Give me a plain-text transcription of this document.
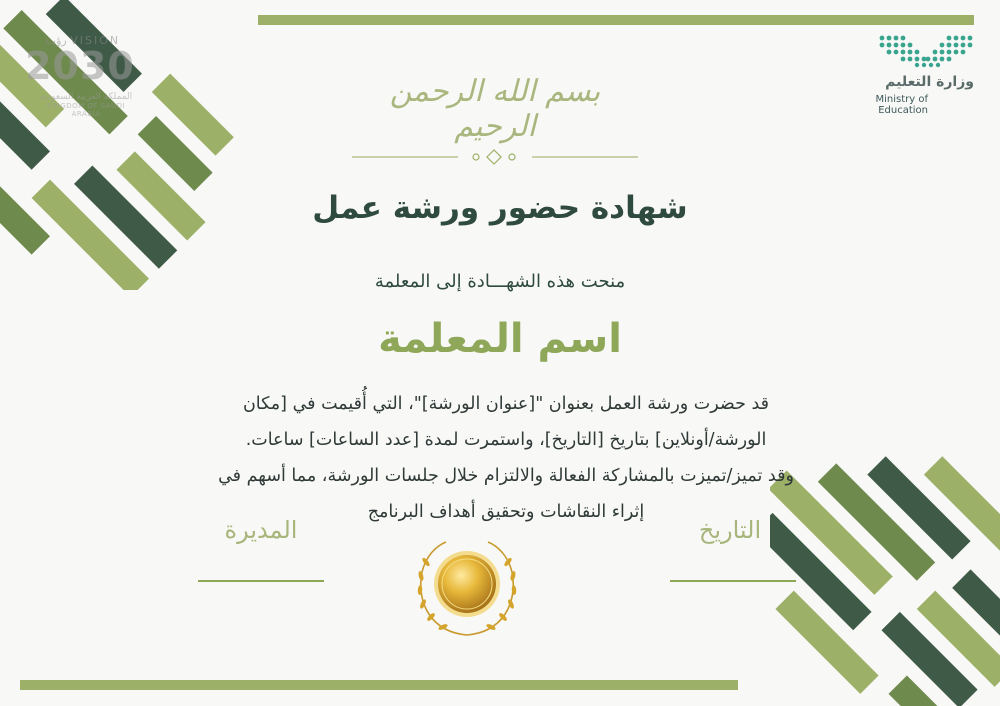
رؤيـة VISION
2030
المملكة العربية السعودية
KINGDOM OF SAUDI ARABIA
وزارة التعليم
Ministry of Education
بسم الله الرحمن الرحيم
شهادة حضور ورشة عمل
منحت هذه الشهـــادة إلى المعلمة
اسم المعلمة
قد حضرت ورشة العمل بعنوان "[عنوان الورشة]"، التي أُقيمت في [مكان
الورشة/أونلاين] بتاريخ [التاريخ]، واستمرت لمدة [عدد الساعات] ساعات.
وقد تميز/تميزت بالمشاركة الفعالة والالتزام خلال جلسات الورشة، مما أسهم في
إثراء النقاشات وتحقيق أهداف البرنامج
التاريخ
المديرة
